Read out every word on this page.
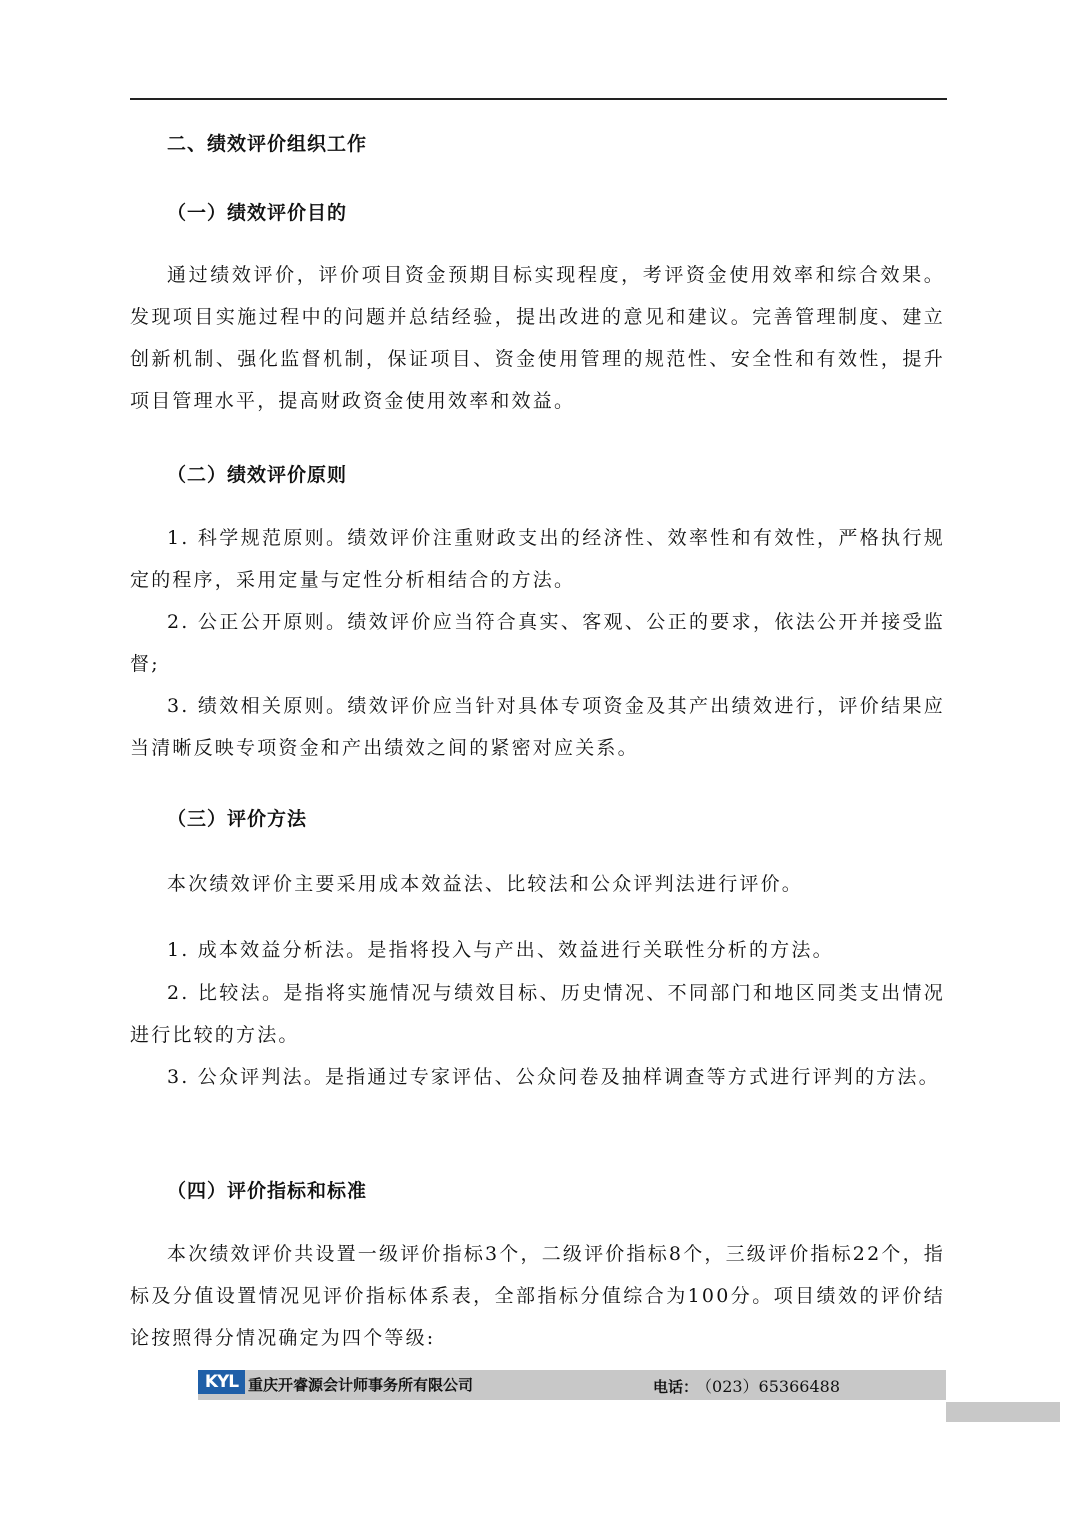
二、绩效评价组织工作
（一）绩效评价目的

通过绩效评价，评价项目资金预期目标实现程度，考评资金使用效率和综合效果。发现项目实施过程中的问题并总结经验，提出改进的意见和建议。完善管理制度、建立创新机制、强化监督机制，保证项目、资金使用管理的规范性、安全性和有效性，提升项目管理水平，提高财政资金使用效率和效益。

（二）绩效评价原则

1. 科学规范原则。绩效评价注重财政支出的经济性、效率性和有效性，严格执行规定的程序，采用定量与定性分析相结合的方法。

2. 公正公开原则。绩效评价应当符合真实、客观、公正的要求，依法公开并接受监督;

3. 绩效相关原则。绩效评价应当针对具体专项资金及其产出绩效进行，评价结果应当清晰反映专项资金和产出绩效之间的紧密对应关系。

（三）评价方法

本次绩效评价主要采用成本效益法、比较法和公众评判法进行评价。

1. 成本效益分析法。是指将投入与产出、效益进行关联性分析的方法。

2. 比较法。是指将实施情况与绩效目标、历史情况、不同部门和地区同类支出情况进行比较的方法。

3. 公众评判法。是指通过专家评估、公众问卷及抽样调查等方式进行评判的方法。

（四）评价指标和标准

本次绩效评价共设置一级评价指标3个，二级评价指标8个，三级评价指标22个，指标及分值设置情况见评价指标体系表，全部指标分值综合为100分。项目绩效的评价结论按照得分情况确定为四个等级:

KYL 重庆开睿源会计师事务所有限公司	电话： （023）65366488
